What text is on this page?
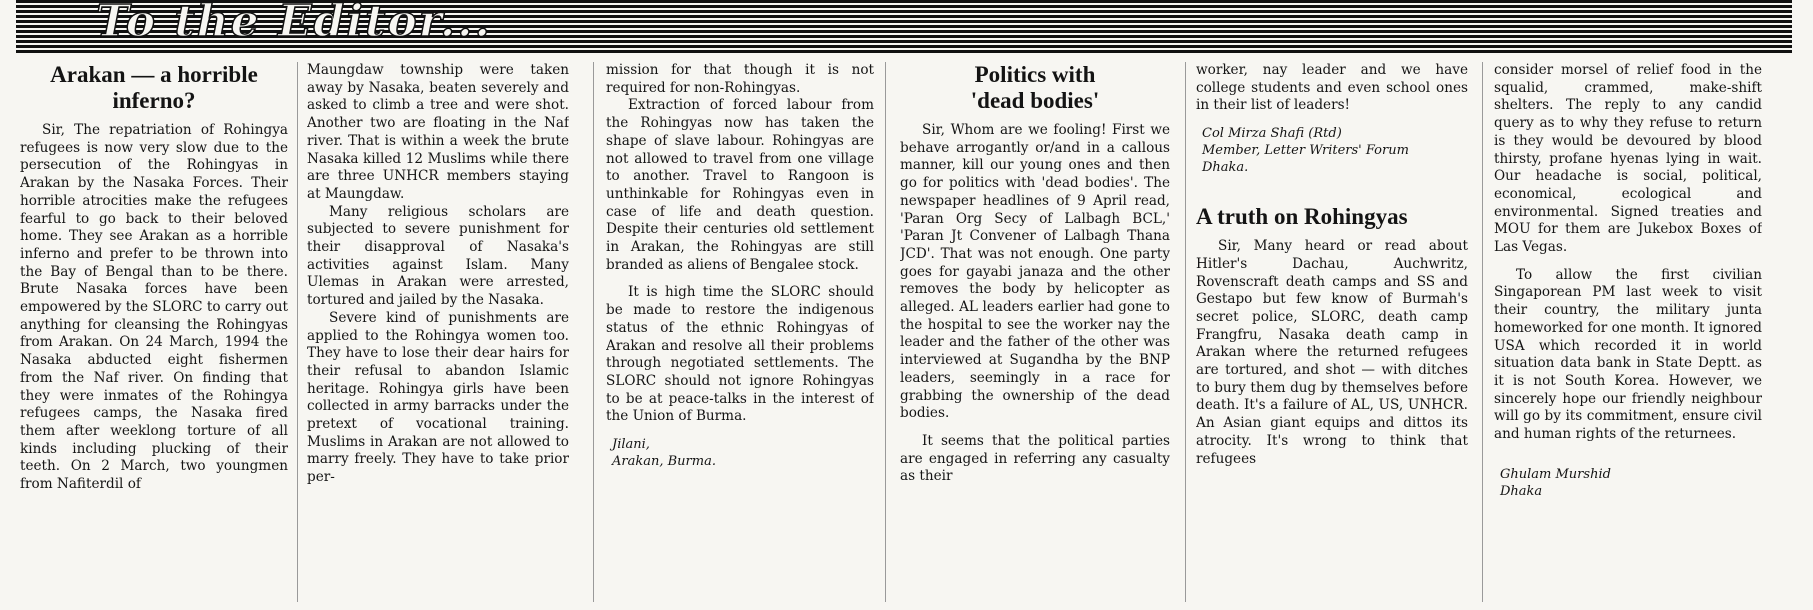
To the Editor...
Arakan — a horrible inferno?

Sir, The repatriation of Rohingya refugees is now very slow due to the persecution of the Rohingyas in Arakan by the Nasaka Forces. Their horrible atrocities make the refugees fearful to go back to their beloved home. They see Arakan as a horrible inferno and prefer to be thrown into the Bay of Bengal than to be there. Brute Nasaka forces have been empowered by the SLORC to carry out anything for cleansing the Rohingyas from Arakan. On 24 March, 1994 the Nasaka abducted eight fishermen from the Naf river. On finding that they were inmates of the Rohingya refugees camps, the Nasaka fired them after weeklong torture of all kinds including plucking of their teeth. On 2 March, two youngmen from Nafiterdil of

Maungdaw township were taken away by Nasaka, beaten severely and asked to climb a tree and were shot. Another two are floating in the Naf river. That is within a week the brute Nasaka killed 12 Muslims while there are three UNHCR members staying at Maungdaw.

Many religious scholars are subjected to severe punishment for their disapproval of Nasaka's activities against Islam. Many Ulemas in Arakan were arrested, tortured and jailed by the Nasaka.

Severe kind of punishments are applied to the Rohingya women too. They have to lose their dear hairs for their refusal to abandon Islamic heritage. Rohingya girls have been collected in army barracks under the pretext of vocational training. Muslims in Arakan are not allowed to marry freely. They have to take prior per-

mission for that though it is not required for non-Rohingyas.

Extraction of forced labour from the Rohingyas now has taken the shape of slave labour. Rohingyas are not allowed to travel from one village to another. Travel to Rangoon is unthinkable for Rohingyas even in case of life and death question. Despite their centuries old settlement in Arakan, the Rohingyas are still branded as aliens of Bengalee stock.

It is high time the SLORC should be made to restore the indigenous status of the ethnic Rohingyas of Arakan and resolve all their problems through negotiated settlements. The SLORC should not ignore Rohingyas to be at peace-talks in the interest of the Union of Burma.

Jilani,

Arakan, Burma.

Politics with
'dead bodies'

Sir, Whom are we fooling! First we behave arrogantly or/and in a callous manner, kill our young ones and then go for politics with 'dead bodies'. The newspaper headlines of 9 April read, 'Paran Org Secy of Lalbagh BCL,' 'Paran Jt Convener of Lalbagh Thana JCD'. That was not enough. One party goes for gayabi janaza and the other removes the body by helicopter as alleged. AL leaders earlier had gone to the hospital to see the worker nay the leader and the father of the other was interviewed at Sugandha by the BNP leaders, seemingly in a race for grabbing the ownership of the dead bodies.

It seems that the political parties are engaged in referring any casualty as their

worker, nay leader and we have college students and even school ones in their list of leaders!

Col Mirza Shafi (Rtd)

Member, Letter Writers' Forum

Dhaka.

A truth on Rohingyas

Sir, Many heard or read about Hitler's Dachau, Auchwritz, Rovenscraft death camps and SS and Gestapo but few know of Burmah's secret police, SLORC, death camp Frangfru, Nasaka death camp in Arakan where the returned refugees are tortured, and shot — with ditches to bury them dug by themselves before death. It's a failure of AL, US, UNHCR. An Asian giant equips and dittos its atrocity. It's wrong to think that refugees

consider morsel of relief food in the squalid, crammed, make-shift shelters. The reply to any candid query as to why they refuse to return is they would be devoured by blood thirsty, profane hyenas lying in wait. Our headache is social, political, economical, ecological and environmental. Signed treaties and MOU for them are Jukebox Boxes of Las Vegas.

To allow the first civilian Singaporean PM last week to visit their country, the military junta homeworked for one month. It ignored USA which recorded it in world situation data bank in State Deptt. as it is not South Korea. However, we sincerely hope our friendly neighbour will go by its commitment, ensure civil and human rights of the returnees.

Ghulam Murshid

Dhaka
